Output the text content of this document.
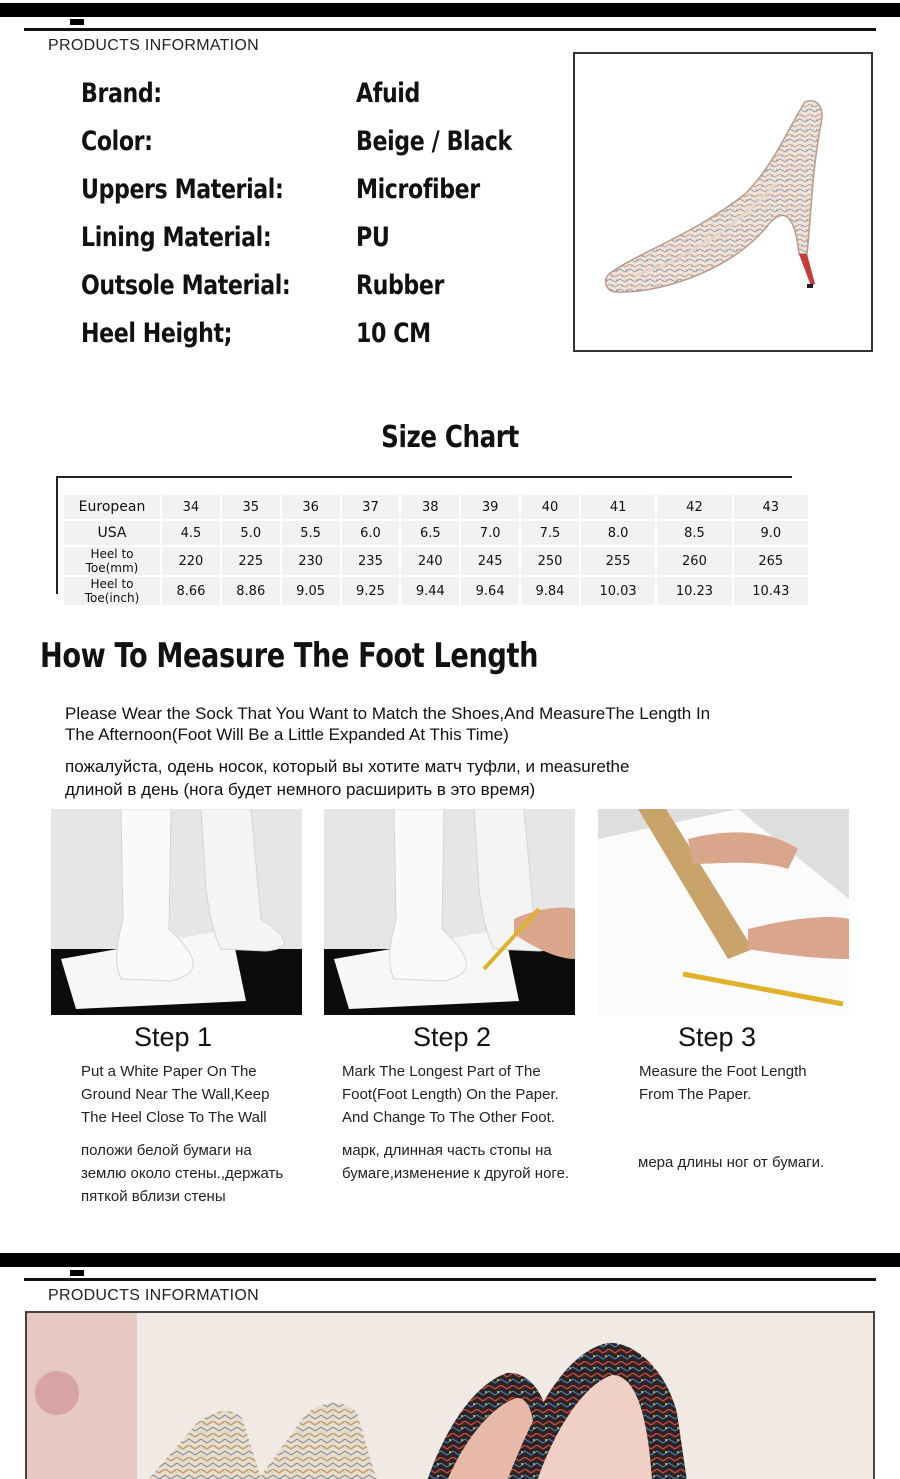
PRODUCTS INFORMATION
Brand:	Afuid
Color:	Beige / Black
Uppers Material:	Microfiber
Lining Material:	PU
Outsole Material: Rubber
Heel Height;	10 CM
Size Chart
European	34	35	36	37	38	39	40	41	42	43
USA	4.5	5.0	5.5	6.0	6.5	7.0	7.5	8.0	8.5	9.0
Heel to Toe(mm)	220	225	230	235	240	245	250	255	260	265
Heel to Toe(inch)	8.66	8.86	9.05	9.25	9.44	9.64	9.84	10.03	10.23	10.43
How To Measure The Foot Length
Please Wear the Sock That You Want to Match the Shoes,And MeasureThe Length In
The Afternoon(Foot Will Be a Little Expanded At This Time)
пожалуйста, одень носок, который вы хотите матч туфли, и measurethe
длиной в день (нога будет немного расширить в это время)
Step 1	Step 2	Step 3
Put a White Paper On The
Ground Near The Wall,Keep
The Heel Close To The Wall
положи белой бумаги на
землю около стены.,держать
пяткой вблизи стены
Mark The Longest Part of The
Foot(Foot Length) On the Paper.
And Change To The Other Foot.
марк, длинная часть стопы на
бумаге,изменение к другой ноге.
Measure the Foot Length
From The Paper.
мера длины ног от бумаги.
PRODUCTS INFORMATION
